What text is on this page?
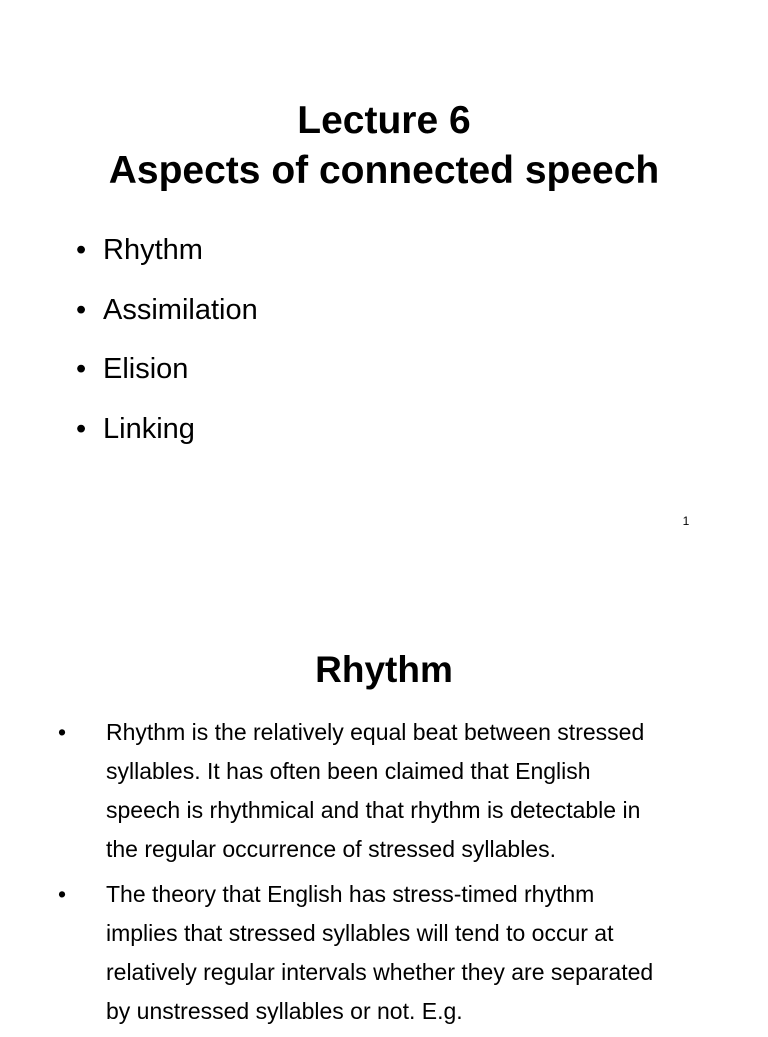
Lecture 6
Aspects of connected speech
• Rhythm
• Assimilation
• Elision
• Linking
1
Rhythm
• Rhythm is the relatively equal beat between stressed
syllables. It has often been claimed that English
speech is rhythmical and that rhythm is detectable in
the regular occurrence of stressed syllables.
• The theory that English has stress-timed rhythm
implies that stressed syllables will tend to occur at
relatively regular intervals whether they are separated
by unstressed syllables or not. E.g.
